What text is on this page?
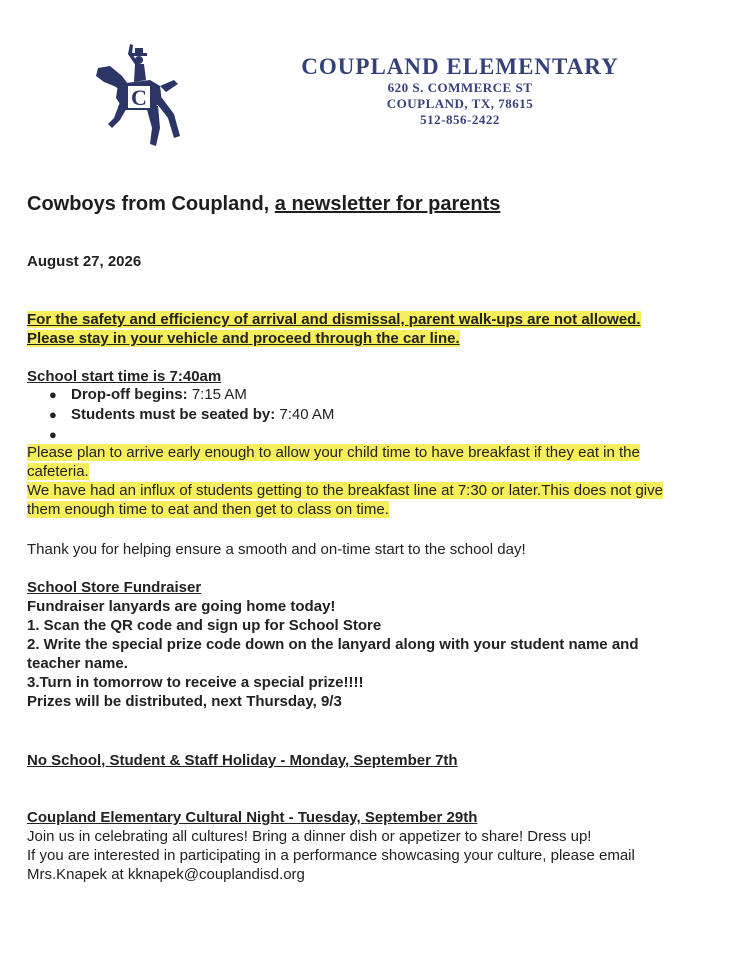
C
COUPLAND ELEMENTARY
620 S. COMMERCE ST
COUPLAND, TX, 78615
512-856-2422
Cowboys from Coupland, a newsletter for parents
August 27, 2026
For the safety and efficiency of arrival and dismissal, parent walk-ups are not allowed.
Please stay in your vehicle and proceed through the car line.
School start time is 7:40am
● Drop-off begins: 7:15 AM
● Students must be seated by: 7:40 AM
●
Please plan to arrive early enough to allow your child time to have breakfast if they eat in the
cafeteria.
We have had an influx of students getting to the breakfast line at 7:30 or later.This does not give
them enough time to eat and then get to class on time.
Thank you for helping ensure a smooth and on-time start to the school day!
School Store Fundraiser
Fundraiser lanyards are going home today!
1. Scan the QR code and sign up for School Store
2. Write the special prize code down on the lanyard along with your student name and
teacher name.
3.Turn in tomorrow to receive a special prize!!!!
Prizes will be distributed, next Thursday, 9/3
No School, Student & Staff Holiday - Monday, September 7th
Coupland Elementary Cultural Night - Tuesday, September 29th
Join us in celebrating all cultures! Bring a dinner dish or appetizer to share! Dress up!
If you are interested in participating in a performance showcasing your culture, please email
Mrs.Knapek at kknapek@couplandisd.org
